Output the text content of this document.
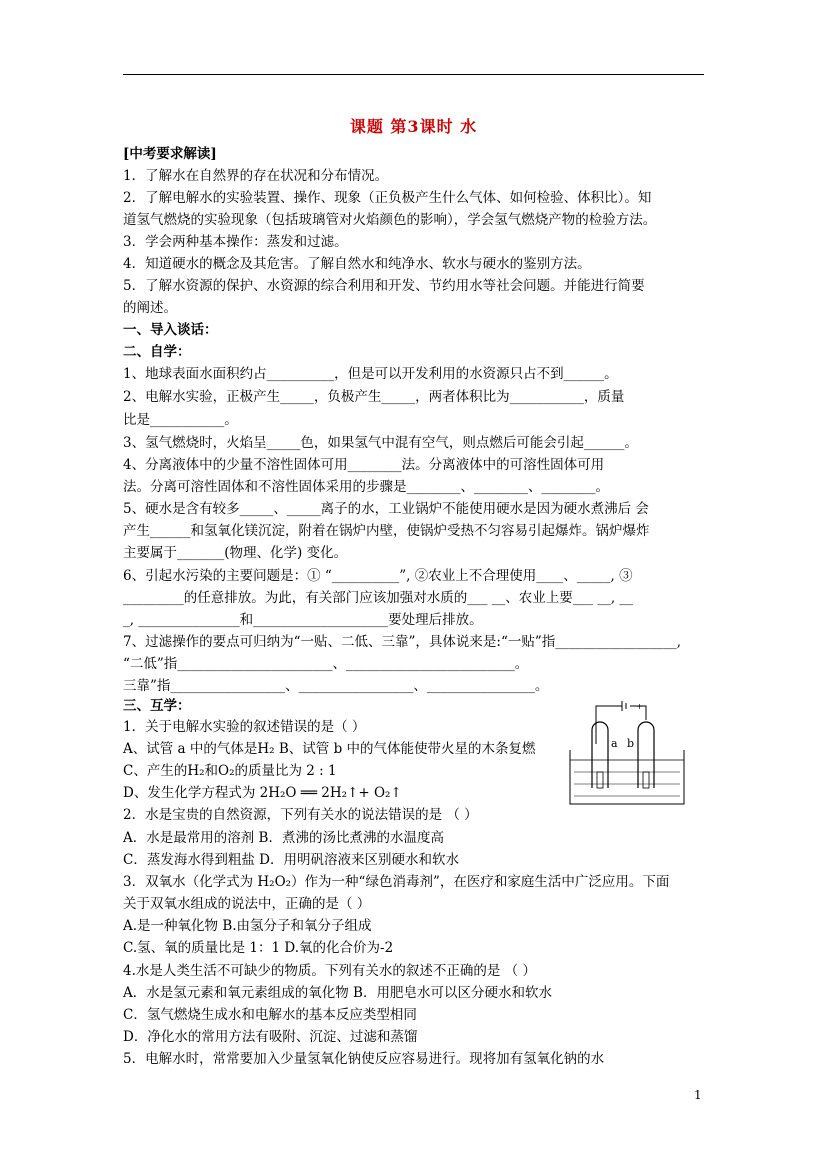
课题 第3课时 水
[中考要求解读]
1．了解水在自然界的存在状况和分布情况。
2．了解电解水的实验装置、操作、现象（正负极产生什么气体、如何检验、体积比）。知
道氢气燃烧的实验现象（包括玻璃管对火焰颜色的影响），学会氢气燃烧产物的检验方法。
3．学会两种基本操作：蒸发和过滤。
4．知道硬水的概念及其危害。了解自然水和纯净水、软水与硬水的鉴别方法。
5．了解水资源的保护、水资源的综合利用和开发、节约用水等社会问题。并能进行简要
的阐述。
一、导入谈话：
二、自学：
1、地球表面水面积约占__________，但是可以开发利用的水资源只占不到______。
2、电解水实验，正极产生_____，负极产生_____，两者体积比为___________，质量
比是___________。
3、氢气燃烧时，火焰呈_____色，如果氢气中混有空气，则点燃后可能会引起______。
4、分离液体中的少量不溶性固体可用________法。分离液体中的可溶性固体可用
法。分离可溶性固体和不溶性固体采用的步骤是________、________、________。
5、硬水是含有较多_____、_____离子的水，工业锅炉不能使用硬水是因为硬水煮沸后 会
产生______和氢氧化镁沉淀，附着在锅炉内壁，使锅炉受热不匀容易引起爆炸。锅炉爆炸
主要属于_______(物理、化学) 变化。
6、引起水污染的主要问题是：① “__________”, ②农业上不合理使用____、_____, ③
_________的任意排放。为此，有关部门应该加强对水质的___ __、农业上要___ __, __
_, _______________和____________________要处理后排放。
7、过滤操作的要点可归纳为“一贴、二低、三靠”，具体说来是:“一贴”指__________________,
“二低”指_______________________、_________________________。
三靠”指_________________、_________________、________________。
三、互学：
1．关于电解水实验的叙述错误的是（ ）
A、试管 a 中的气体是H₂ B、试管 b 中的气体能使带火星的木条复燃
C、产生的H₂和O₂的质量比为 2 : 1
D、发生化学方程式为 2H₂O ══ 2H₂↑+ O₂↑
2．水是宝贵的自然资源，下列有关水的说法错误的是 （ ）
A．水是最常用的溶剂 B．煮沸的汤比煮沸的水温度高
C．蒸发海水得到粗盐 D．用明矾溶液来区别硬水和软水
3．双氧水（化学式为 H₂O₂）作为一种“绿色消毒剂”，在医疗和家庭生活中广泛应用。下面
关于双氧水组成的说法中，正确的是（ ）
A.是一种氧化物 B.由氢分子和氧分子组成
C.氢、氧的质量比是 1：1 D.氧的化合价为-2
4.水是人类生活不可缺少的物质。下列有关水的叙述不正确的是 （ ）
A．水是氢元素和氧元素组成的氧化物 B．用肥皂水可以区分硬水和软水
C．氢气燃烧生成水和电解水的基本反应类型相同
D．净化水的常用方法有吸附、沉淀、过滤和蒸馏
5．电解水时，常常要加入少量氢氧化钠使反应容易进行。现将加有氢氧化钠的水
+
a b
1
